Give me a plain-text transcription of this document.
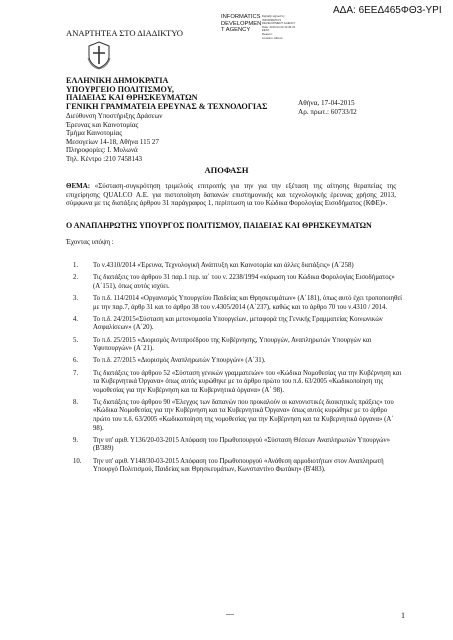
ΑΔΑ: 6ΕΕΔ465ΦΘ3-ΥΡΙ
ΑΝΑΡΤΗΤΕΑ ΣΤΟ ΔΙΑΔΙΚΤΥΟ
INFORMATICS
DEVELOPMEN
T AGENCY
Digitally signed by
INFORMATICS
DEVELOPMENT AGENCY
Date: 2015.04.20 13:36:34
EEST
Reason:
Location: Athens
ΕΛΛΗΝΙΚΗ ΔΗΜΟΚΡΑΤΙΑ
ΥΠΟΥΡΓΕΙΟ ΠΟΛΙΤΙΣΜΟΥ,
ΠΑΙΔΕΙΑΣ ΚΑΙ ΘΡΗΣΚΕΥΜΑΤΩΝ
ΓΕΝΙΚΗ ΓΡΑΜΜΑΤΕΙΑ ΕΡΕΥΝΑΣ & ΤΕΧΝΟΛΟΓΙΑΣ	Αθήνα, 17-04-2015
Αρ. πρωτ.: 60733/Ι2
Διεύθυνση Υποστήριξης Δράσεων
Έρευνας και Καινοτομίας
Τμήμα Καινοτομίας
Μεσογείων 14-18, Αθήνα 115 27
Πληροφορίες: Ι. Μυλωνά
Τηλ. Κέντρο :210 7458143
ΑΠΟΦΑΣΗ
ΘΕΜΑ: «Σύσταση-συγκρότηση τριμελούς επιτροπής για την για την εξέταση της αίτησης θεραπείας της επιχείρησης QUALCO Α.Ε. για πιστοποίηση δαπανών επιστημονικής και τεχνολογικής έρευνας χρήσης 2013, σύμφωνα με τις διατάξεις άρθρου 31 παράγραφος 1, περίπτωση ια του Κώδικα Φορολογίας Εισοδήματος (ΚΦΕ)».
Ο ΑΝΑΠΛΗΡΩΤΗΣ ΥΠΟΥΡΓΟΣ ΠΟΛΙΤΙΣΜΟΥ, ΠΑΙΔΕΙΑΣ ΚΑΙ ΘΡΗΣΚΕΥΜΑΤΩΝ
Έχοντας υπόψη :
1. Το ν.4310/2014 «Έρευνα, Τεχνολογική Ανάπτυξη και Καινοτομία και άλλες διατάξεις» (Α΄258)
2. Τις διατάξεις του άρθρου 31 παρ.1 περ. ια΄ του ν. 2238/1994 «κύρωση του Κώδικα Φορολογίας Εισοδήματος» (Α΄151), όπως αυτός ισχύει.
3. Το π.δ. 114/2014 «Οργανισμός Υπουργείου Παιδείας και Θρησκευμάτων» (Α΄181), όπως αυτό έχει τροποποιηθεί με την παρ.7, άρθρ 31 και το άρθρο 38 του ν.4305/2014 (Α΄237), καθώς και το άρθρο 70 του ν.4310 / 2014.
4. Το π.δ. 24/2015«Σύσταση και μετονομασία Υπουργείων, μεταφορά της Γενικής Γραμματείας Κοινωνικών Ασφαλίσεων» (Α΄20).
5. Το π.δ. 25/2015 «Διορισμός Αντιπροέδρου της Κυβέρνησης, Υπουργών, Αναπληρωτών Υπουργών και Υφυπουργών» (Α΄21).
6. Το π.δ. 27/2015 «Διορισμός Αναπληρωτών Υπουργών» (Α΄31).
7. Τις διατάξεις του άρθρου 52 «Σύσταση γενικών γραμματειών» του «Κώδικα Νομοθεσίας για την Κυβέρνηση και τα Κυβερνητικά Όργανα» όπως αυτός κυρώθηκε με το άρθρο πρώτο του π.δ. 63/2005 «Κωδικοποίηση της νομοθεσίας για την Κυβέρνηση και τα Κυβερνητικά όργανα» (Α΄ 98).
8. Τις διατάξεις του άρθρου 90 «Έλεγχος των δαπανών που προκαλούν οι κανονιστικές διοικητικές πράξεις» του «Κώδικα Νομοθεσίας για την Κυβέρνηση και τα Κυβερνητικά Όργανα» όπως αυτός κυρώθηκε με το άρθρο πρώτο του π.δ. 63/2005 «Κωδικοποίηση της νομοθεσίας για την Κυβέρνηση και τα Κυβερνητικά όργανα» (Α΄ 98).
9. Την υπ' αριθ. Υ136/20-03-2015 Απόφαση του Πρωθυπουργού «Σύσταση Θέσεων Αναπληρωτών Υπουργών» (Β'389)
10. Την υπ' αριθ. Υ148/30-03-2015 Απόφαση του Πρωθυπουργού «Ανάθεση αρμοδιοτήτων στον Αναπληρωτή Υπουργό Πολιτισμού, Παιδείας και Θρησκευμάτων, Κωνσταντίνο Φωτάκη» (Β'483).
1
